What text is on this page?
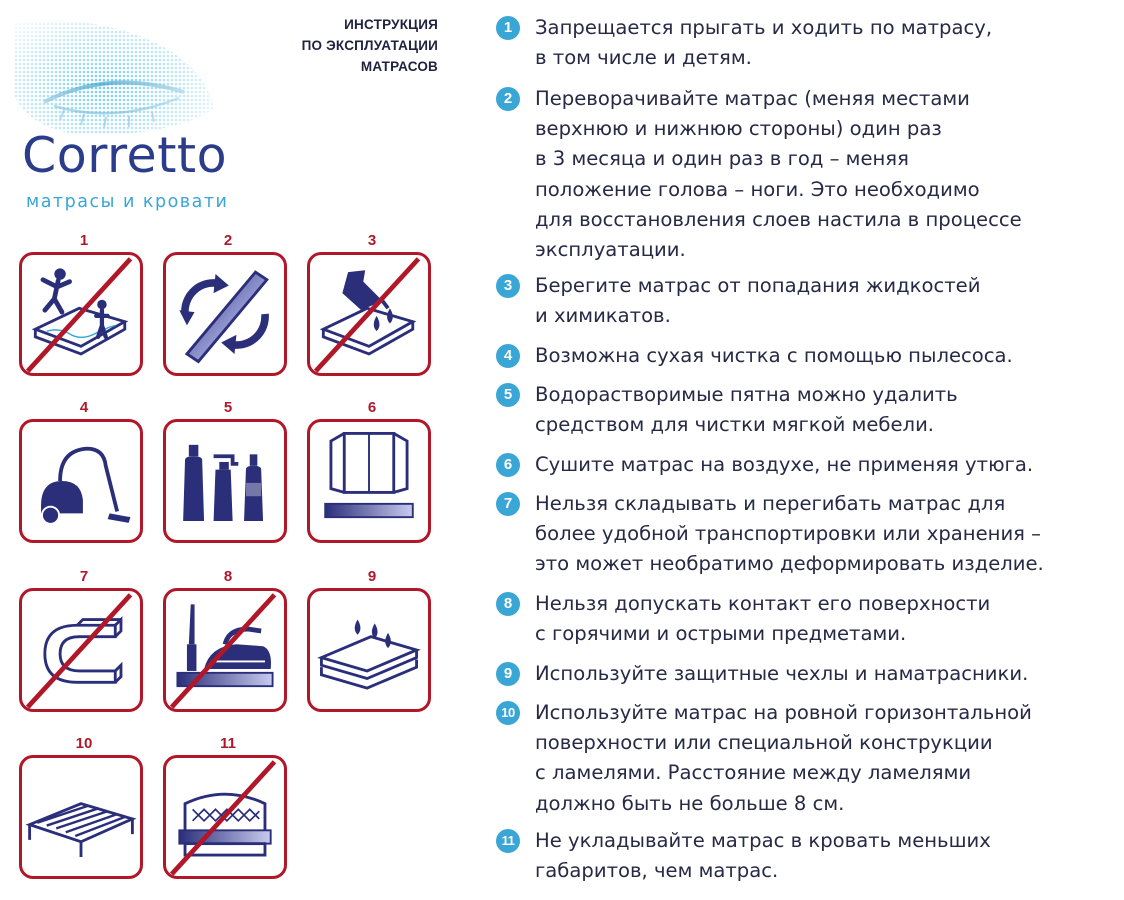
ИНСТРУКЦИЯ
ПО ЭКСПЛУАТАЦИИ
МАТРАСОВ
Corretto
матрасы и кровати
1	2	3
4	5	6
7	8	9
10	11
1	Запрещается прыгать и ходить по матрасу,
в том числе и детям.

2	Переворачивайте матрас (меняя местами
верхнюю и нижнюю стороны) один раз
в 3 месяца и один раз в год – меняя
положение голова – ноги. Это необходимо
для восстановления слоев настила в процессе
эксплуатации.

3	Берегите матрас от попадания жидкостей
и химикатов.

4	Возможна сухая чистка с помощью пылесоса.

5	Водорастворимые пятна можно удалить
средством для чистки мягкой мебели.

6	Сушите матрас на воздухе, не применяя утюга.

7	Нельзя складывать и перегибать матрас для
более удобной транспортировки или хранения –
это может необратимо деформировать изделие.

8	Нельзя допускать контакт его поверхности
с горячими и острыми предметами.

9	Используйте защитные чехлы и наматрасники.

10 Используйте матрас на ровной горизонтальной
поверхности или специальной конструкции
с ламелями. Расстояние между ламелями
должно быть не больше 8 см.

11 Не укладывайте матрас в кровать меньших
габаритов, чем матрас.
